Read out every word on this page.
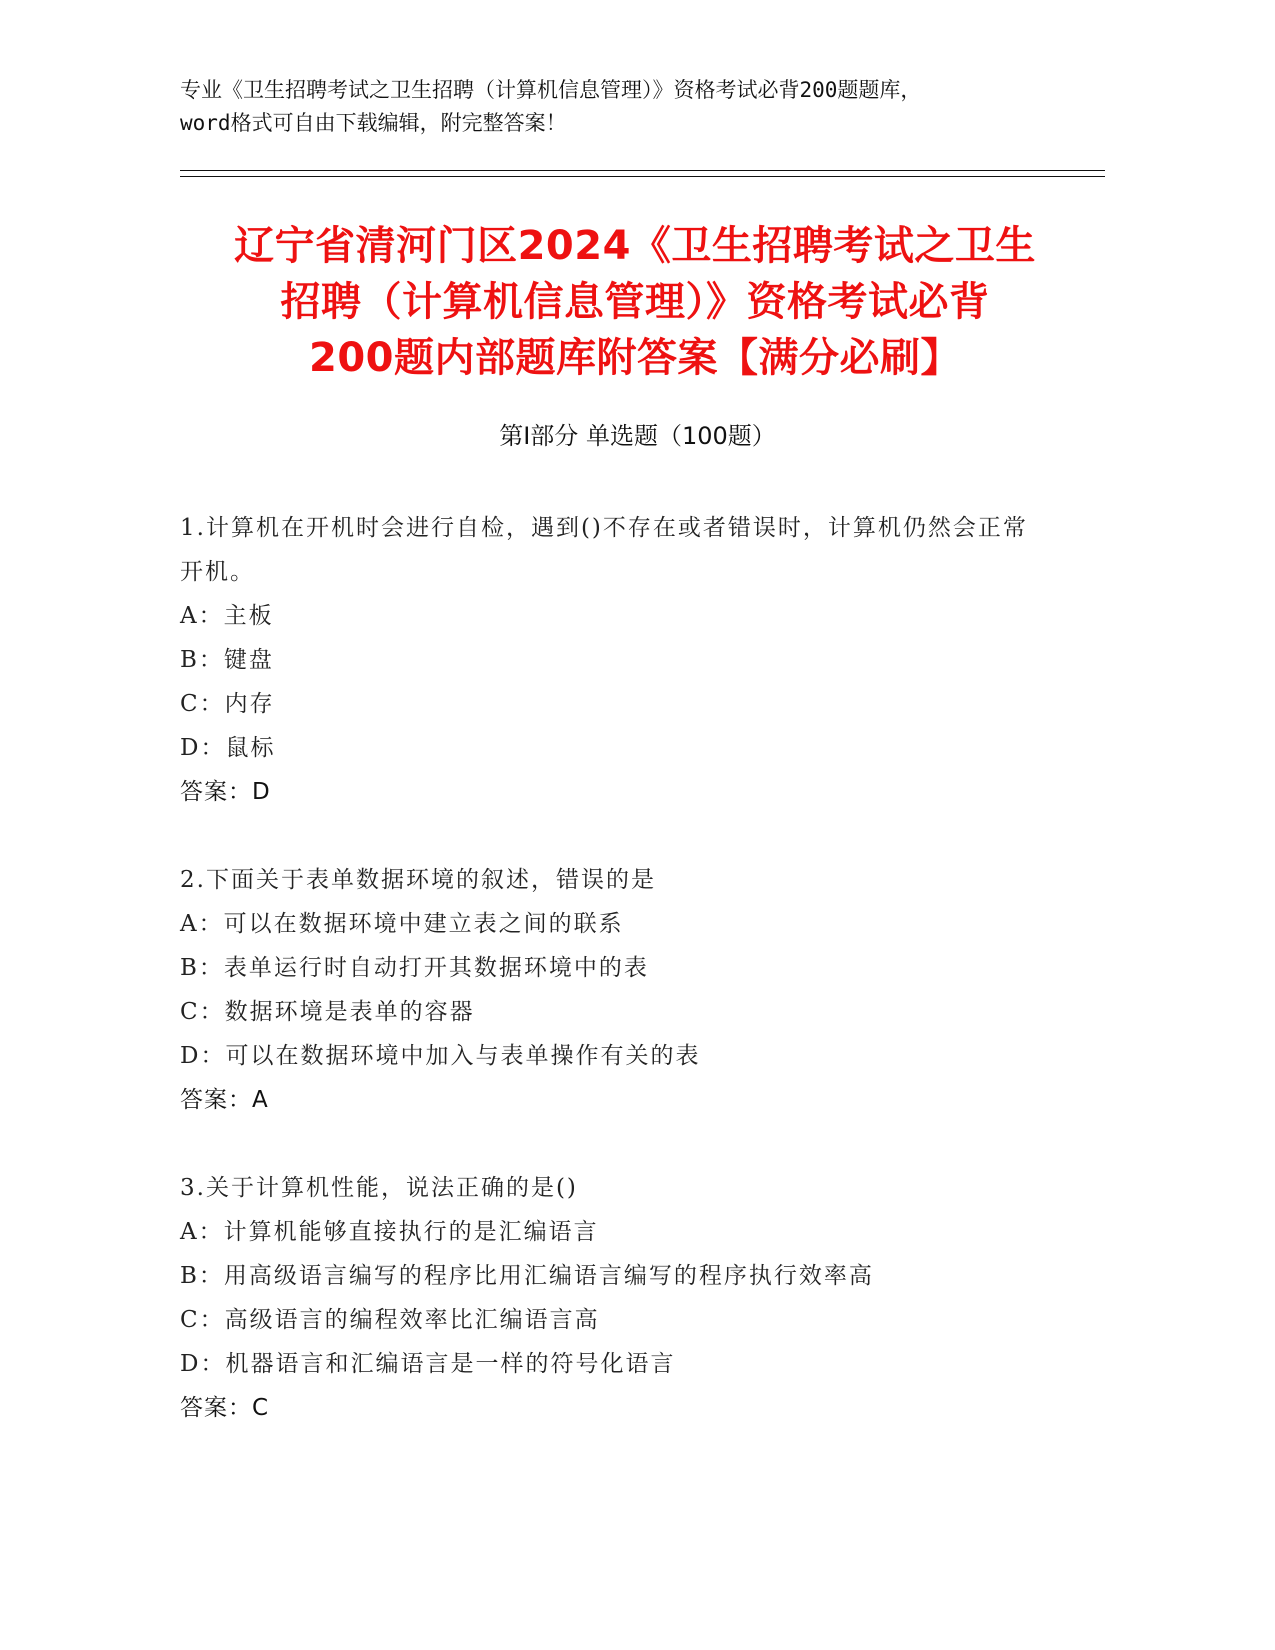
专业《卫生招聘考试之卫生招聘（计算机信息管理）》资格考试必背200题题库，
word格式可自由下载编辑，附完整答案！
辽宁省清河门区2024《卫生招聘考试之卫生
招聘（计算机信息管理）》资格考试必背
200题内部题库附答案【满分必刷】
第Ⅰ部分 单选题（100题）
1.计算机在开机时会进行自检，遇到()不存在或者错误时，计算机仍然会正常开机。
A：主板
B：键盘
C：内存
D：鼠标
答案：D
2.下面关于表单数据环境的叙述，错误的是
A：可以在数据环境中建立表之间的联系
B：表单运行时自动打开其数据环境中的表
C：数据环境是表单的容器
D：可以在数据环境中加入与表单操作有关的表
答案：A
3.关于计算机性能，说法正确的是()
A：计算机能够直接执行的是汇编语言
B：用高级语言编写的程序比用汇编语言编写的程序执行效率高
C：高级语言的编程效率比汇编语言高
D：机器语言和汇编语言是一样的符号化语言
答案：C
